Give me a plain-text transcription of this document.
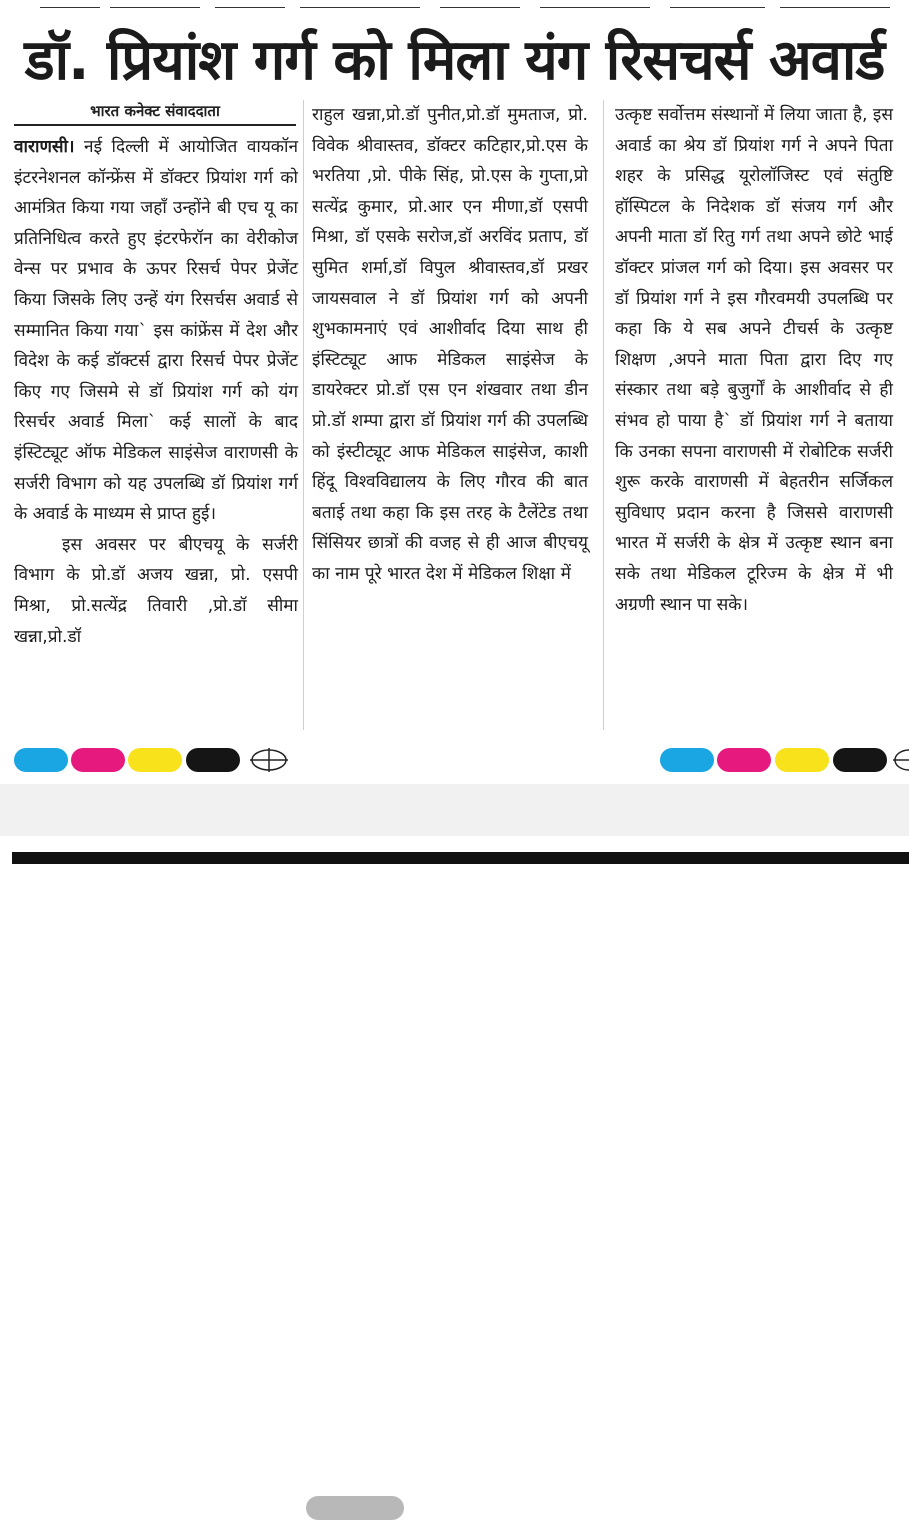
डॉ. प्रियांश गर्ग को मिला यंग रिसचर्स अवार्ड
भारत कनेक्ट संवाददाता

वाराणसी। नई दिल्ली में आयोजित वायकॉन इंटरनेशनल कॉन्फ्रेंस में डॉक्टर प्रियांश गर्ग को आमंत्रित किया गया जहाँ उन्होंने बी एच यू का प्रतिनिधित्व करते हुए इंटरफेरॉन का वेरीकोज वेन्स पर प्रभाव के ऊपर रिसर्च पेपर प्रेजेंट किया जिसके लिए उन्हें यंग रिसर्चस अवार्ड से सम्मानित किया गया` इस कांफ्रेंस में देश और विदेश के कई डॉक्टर्स द्वारा रिसर्च पेपर प्रेजेंट किए गए जिसमे से डॉ प्रियांश गर्ग को यंग रिसर्चर अवार्ड मिला` कई सालों के बाद इंस्टिट्यूट ऑफ मेडिकल साइंसेज वाराणसी के सर्जरी विभाग को यह उपलब्धि डॉ प्रियांश गर्ग के अवार्ड के माध्यम से प्राप्त हुई।

इस अवसर पर बीएचयू के सर्जरी विभाग के प्रो.डॉ अजय खन्ना, प्रो. एसपी मिश्रा, प्रो.सत्येंद्र तिवारी ,प्रो.डॉ सीमा खन्ना,प्रो.डॉ

राहुल खन्ना,प्रो.डॉ पुनीत,प्रो.डॉ मुमताज, प्रो. विवेक श्रीवास्तव, डॉक्टर कटिहार,प्रो.एस के भरतिया ,प्रो. पीके सिंह, प्रो.एस के गुप्ता,प्रो सत्येंद्र कुमार, प्रो.आर एन मीणा,डॉ एसपी मिश्रा, डॉ एसके सरोज,डॉ अरविंद प्रताप, डॉ सुमित शर्मा,डॉ विपुल श्रीवास्तव,डॉ प्रखर जायसवाल ने डॉ प्रियांश गर्ग को अपनी शुभकामनाएं एवं आशीर्वाद दिया साथ ही इंस्टिट्यूट आफ मेडिकल साइंसेज के डायरेक्टर प्रो.डॉ एस एन शंखवार तथा डीन प्रो.डॉ शम्पा द्वारा डॉ प्रियांश गर्ग की उपलब्धि को इंस्टीट्यूट आफ मेडिकल साइंसेज, काशी हिंदू विश्वविद्यालय के लिए गौरव की बात बताई तथा कहा कि इस तरह के टैलेंटेड तथा सिंसियर छात्रों की वजह से ही आज बीएचयू का नाम पूरे भारत देश में मेडिकल शिक्षा में

उत्कृष्ट सर्वोत्तम संस्थानों में लिया जाता है, इस अवार्ड का श्रेय डॉ प्रियांश गर्ग ने अपने पिता शहर के प्रसिद्ध यूरोलॉजिस्ट एवं संतुष्टि हॉस्पिटल के निदेशक डॉ संजय गर्ग और अपनी माता डॉ रितु गर्ग तथा अपने छोटे भाई डॉक्टर प्रांजल गर्ग को दिया। इस अवसर पर डॉ प्रियांश गर्ग ने इस गौरवमयी उपलब्धि पर कहा कि ये सब अपने टीचर्स के उत्कृष्ट शिक्षण ,अपने माता पिता द्वारा दिए गए संस्कार तथा बड़े बुजुर्गों के आशीर्वाद से ही संभव हो पाया है` डॉ प्रियांश गर्ग ने बताया कि उनका सपना वाराणसी में रोबोटिक सर्जरी शुरू करके वाराणसी में बेहतरीन सर्जिकल सुविधाए प्रदान करना है जिससे वाराणसी भारत में सर्जरी के क्षेत्र में उत्कृष्ट स्थान बना सके तथा मेडिकल टूरिज्म के क्षेत्र में भी अग्रणी स्थान पा सके।
